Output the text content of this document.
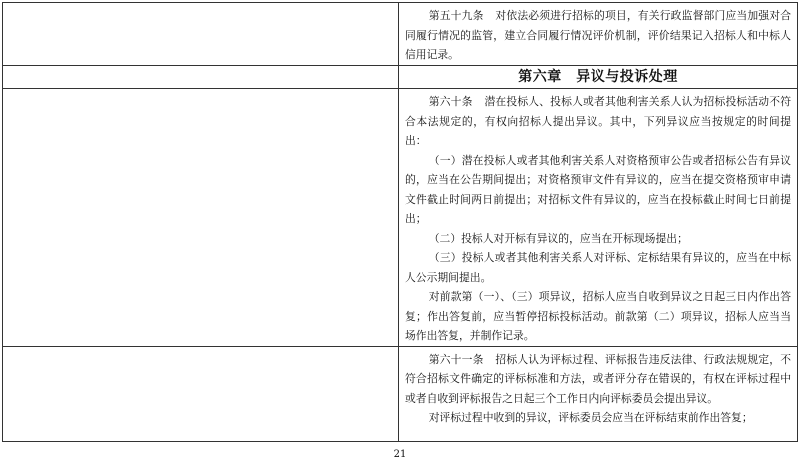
	第五十九条 对依法必须进行招标的项目，有关行政监督部门应当加强对合同履行情况的监管，建立合同履行情况评价机制，评价结果记入招标人和中标人信用记录。

	第六章　异议与投诉处理

	第六十条 潜在投标人、投标人或者其他利害关系人认为招标投标活动不符合本法规定的，有权向招标人提出异议。其中，下列异议应当按规定的时间提出：

（一）潜在投标人或者其他利害关系人对资格预审公告或者招标公告有异议的，应当在公告期间提出；对资格预审文件有异议的，应当在提交资格预审申请文件截止时间两日前提出；对招标文件有异议的，应当在投标截止时间七日前提出；

（二）投标人对开标有异议的，应当在开标现场提出；

（三）投标人或者其他利害关系人对评标、定标结果有异议的，应当在中标人公示期间提出。

对前款第（一）、（三）项异议，招标人应当自收到异议之日起三日内作出答复；作出答复前，应当暂停招标投标活动。前款第（二）项异议，招标人应当当场作出答复，并制作记录。

	第六十一条 招标人认为评标过程、评标报告违反法律、行政法规规定，不符合招标文件确定的评标标准和方法，或者评分存在错误的，有权在评标过程中或者自收到评标报告之日起三个工作日内向评标委员会提出异议。

对评标过程中收到的异议，评标委员会应当在评标结束前作出答复；

21
